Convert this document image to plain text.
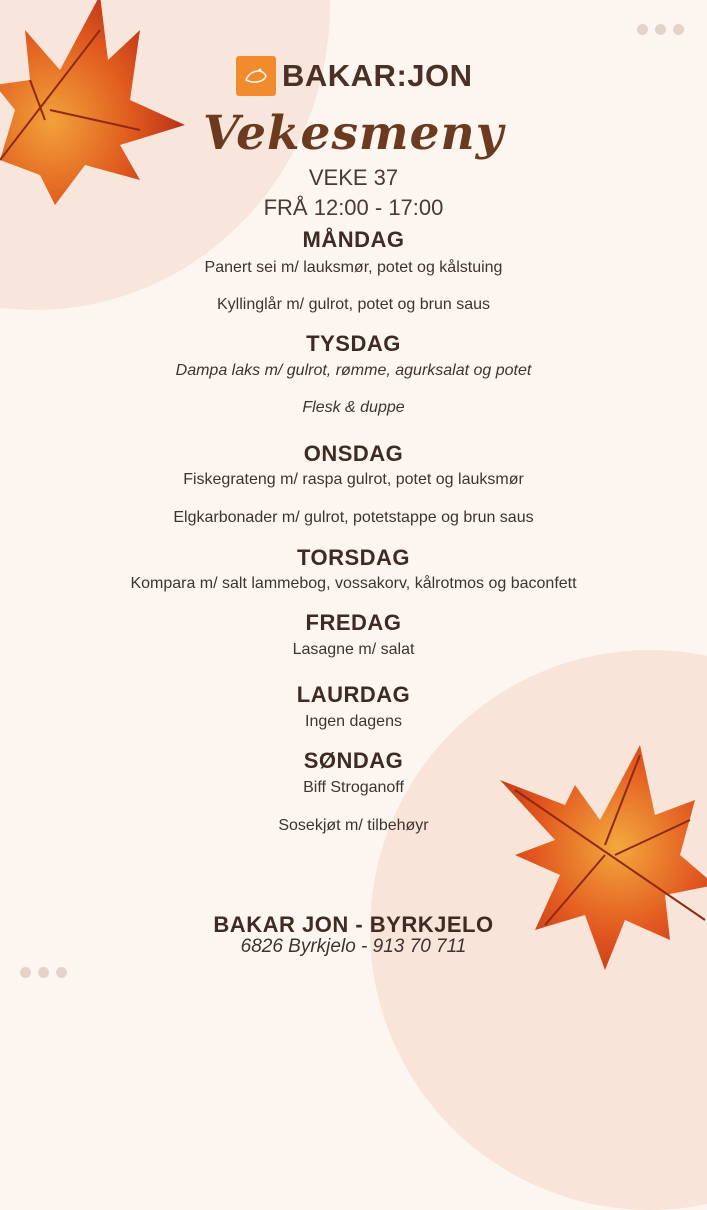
BAKAR:JON
Vekesmeny
VEKE 37
FRÅ 12:00 - 17:00
MÅNDAG
Panert sei m/ lauksmør, potet og kålstuing
Kyllinglår m/ gulrot, potet og brun saus
TYSDAG
Dampa laks m/ gulrot, rømme, agurksalat og potet
Flesk & duppe
ONSDAG
Fiskegrateng m/ raspa gulrot, potet og lauksmør
Elgkarbonader m/ gulrot, potetstappe og brun saus
TORSDAG
Kompara m/ salt lammebog, vossakorv, kålrotmos og baconfett
FREDAG
Lasagne m/ salat
LAURDAG
Ingen dagens
SØNDAG
Biff Stroganoff
Sosekjøt m/ tilbehøyr
BAKAR JON - BYRKJELO
6826 Byrkjelo - 913 70 711
